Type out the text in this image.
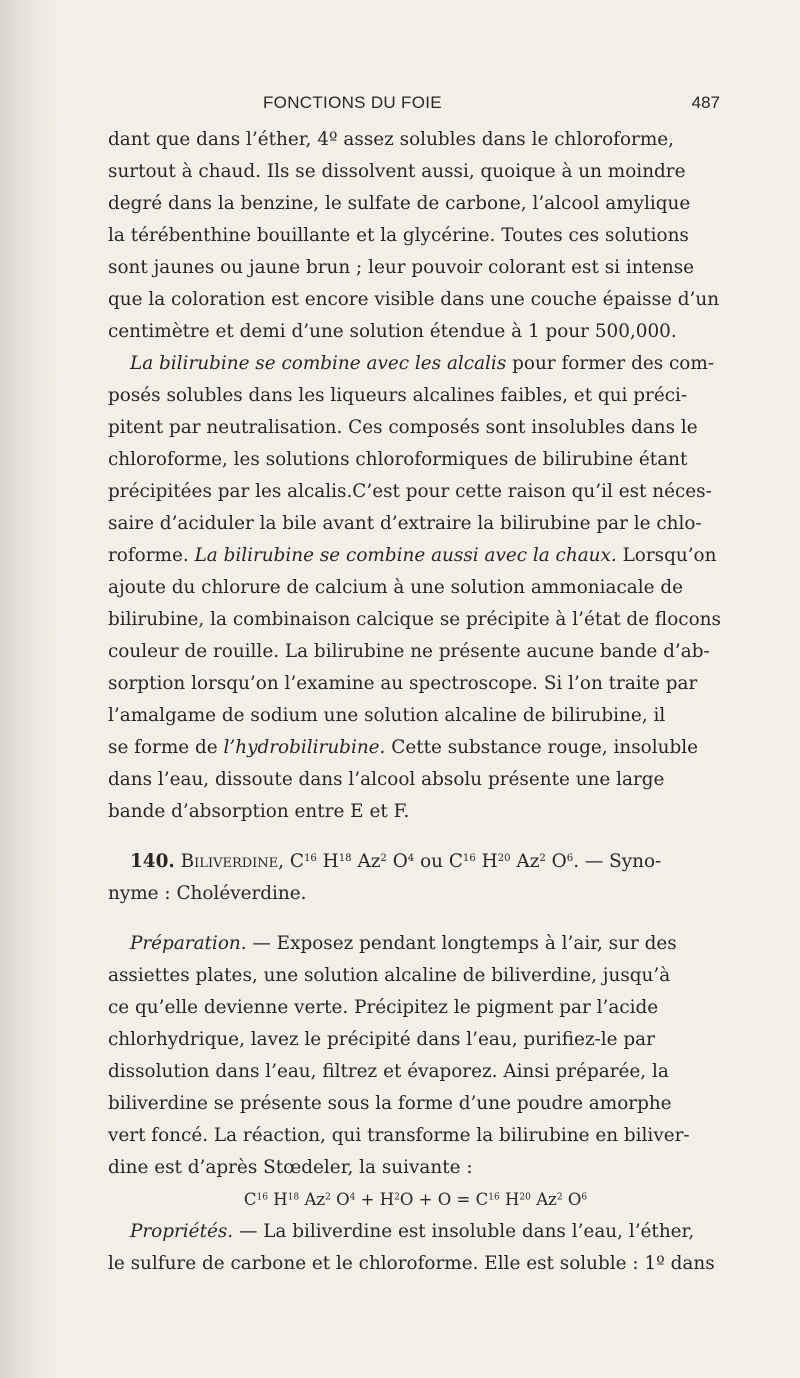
FONCTIONS DU FOIE	487
dant que dans l’éther, 4º assez solubles dans le chloroforme,
surtout à chaud. Ils se dissolvent aussi, quoique à un moindre
degré dans la benzine, le sulfate de carbone, l’alcool amylique
la térébenthine bouillante et la glycérine. Toutes ces solutions
sont jaunes ou jaune brun ; leur pouvoir colorant est si intense
que la coloration est encore visible dans une couche épaisse d’un
centimètre et demi d’une solution étendue à 1 pour 500,000.
La bilirubine se combine avec les alcalis pour former des com-
posés solubles dans les liqueurs alcalines faibles, et qui préci-
pitent par neutralisation. Ces composés sont insolubles dans le
chloroforme, les solutions chloroformiques de bilirubine étant
précipitées par les alcalis.C’est pour cette raison qu’il est néces-
saire d’aciduler la bile avant d’extraire la bilirubine par le chlo-
roforme. La bilirubine se combine aussi avec la chaux. Lorsqu’on
ajoute du chlorure de calcium à une solution ammoniacale de
bilirubine, la combinaison calcique se précipite à l’état de flocons
couleur de rouille. La bilirubine ne présente aucune bande d’ab-
sorption lorsqu’on l’examine au spectroscope. Si l’on traite par
l’amalgame de sodium une solution alcaline de bilirubine, il
se forme de l’hydrobilirubine. Cette substance rouge, insoluble
dans l’eau, dissoute dans l’alcool absolu présente une large
bande d’absorption entre E et F.
140. Biliverdine, $C^{16}$ $H^{18}$ Az$^2$ $O^4$ ou $C^{16}$ $H^{20}$ Az$^2$ $O^6$. — Syno-
nyme : Choléverdine.
Préparation. — Exposez pendant longtemps à l’air, sur des
assiettes plates, une solution alcaline de biliverdine, jusqu’à
ce qu’elle devienne verte. Précipitez le pigment par l’acide
chlorhydrique, lavez le précipité dans l’eau, purifiez-le par
dissolution dans l’eau, filtrez et évaporez. Ainsi préparée, la
biliverdine se présente sous la forme d’une poudre amorphe
vert foncé. La réaction, qui transforme la bilirubine en biliver-
dine est d’après Stœdeler, la suivante :
$C^{16}$ $H^{18}$ Az$^2$ $O^4 + H^2O + O = C^{16}$ $H^{20}$ Az$^2$ $O^6$
Propriétés. — La biliverdine est insoluble dans l’eau, l’éther,
le sulfure de carbone et le chloroforme. Elle est soluble : 1º dans
